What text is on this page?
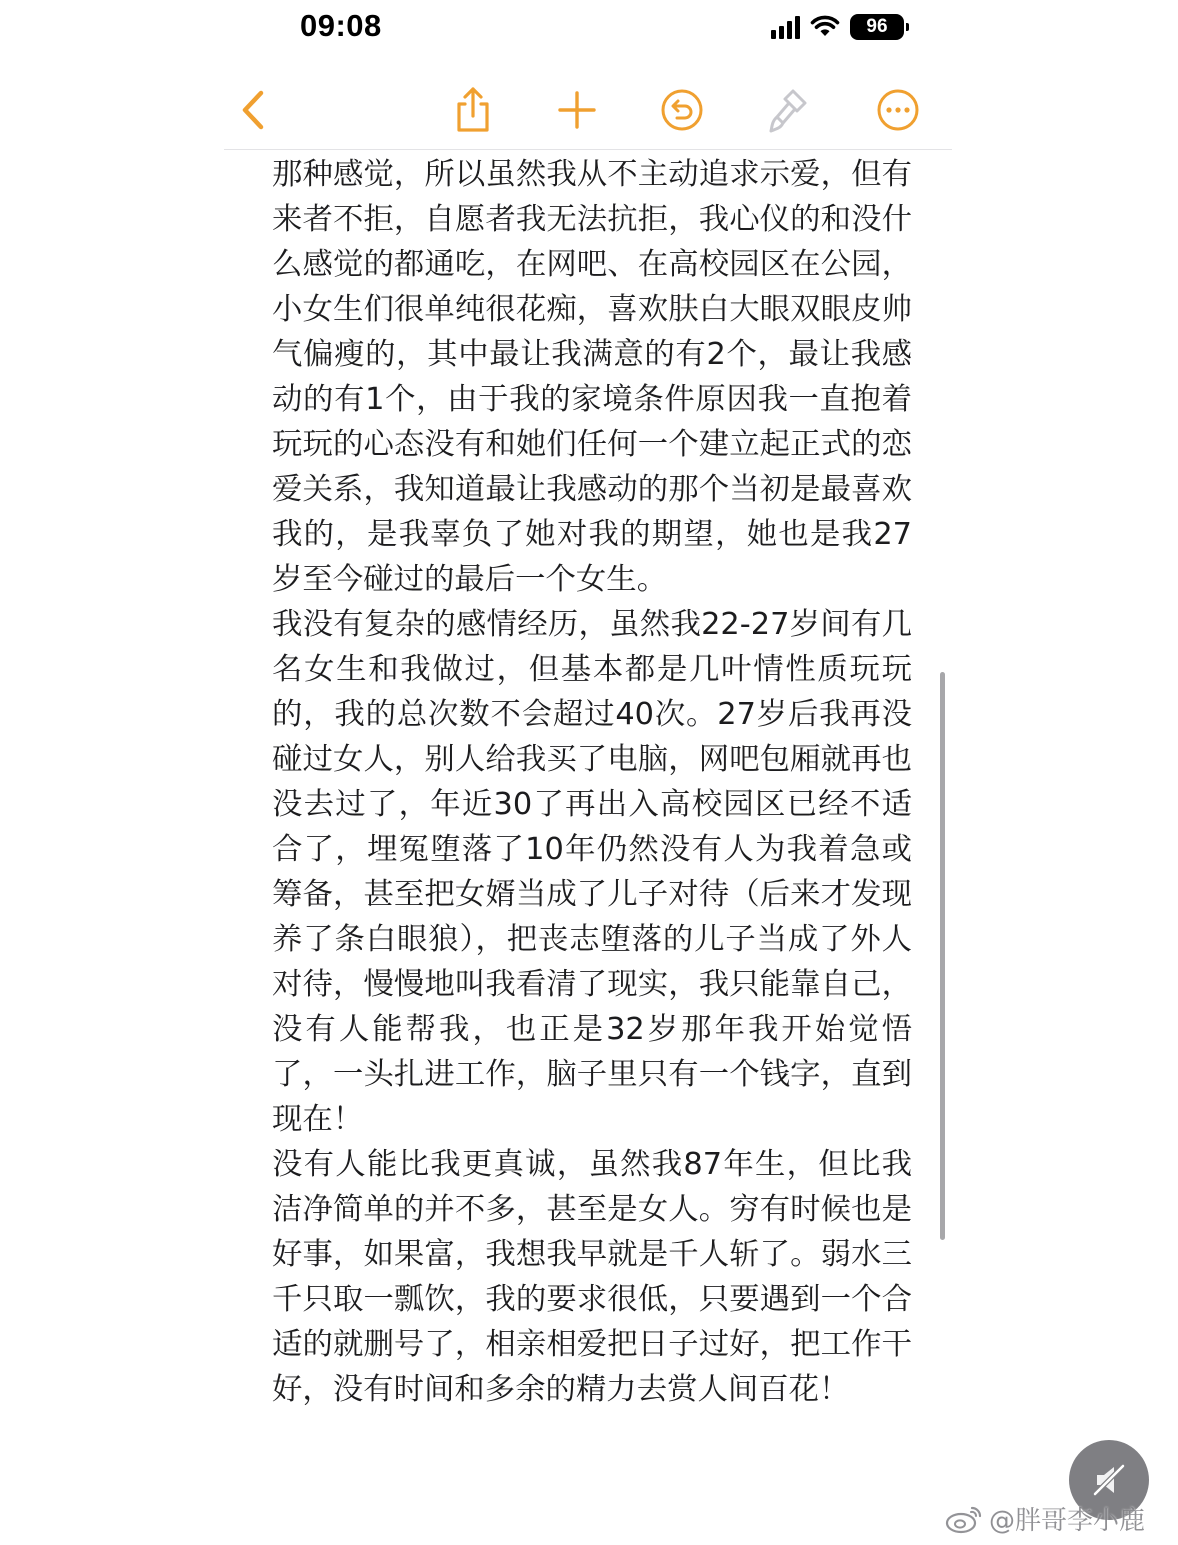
09:08	96

那种感觉，所以虽然我从不主动追求示爱，但有来者不拒，自愿者我无法抗拒，我心仪的和没什么感觉的都通吃，在网吧、在高校园区在公园，小女生们很单纯很花痴，喜欢肤白大眼双眼皮帅气偏瘦的，其中最让我满意的有2个，最让我感动的有1个，由于我的家境条件原因我一直抱着玩玩的心态没有和她们任何一个建立起正式的恋爱关系，我知道最让我感动的那个当初是最喜欢我的，是我辜负了她对我的期望，她也是我27岁至今碰过的最后一个女生。

我没有复杂的感情经历，虽然我22-27岁间有几名女生和我做过，但基本都是几叶情性质玩玩的，我的总次数不会超过40次。27岁后我再没碰过女人，别人给我买了电脑，网吧包厢就再也没去过了，年近30了再出入高校园区已经不适合了，埋冤堕落了10年仍然没有人为我着急或筹备，甚至把女婿当成了儿子对待（后来才发现养了条白眼狼），把丧志堕落的儿子当成了外人对待，慢慢地叫我看清了现实，我只能靠自己，没有人能帮我，也正是32岁那年我开始觉悟了，一头扎进工作，脑子里只有一个钱字，直到现在！

没有人能比我更真诚，虽然我87年生，但比我洁净简单的并不多，甚至是女人。穷有时候也是好事，如果富，我想我早就是千人斩了。弱水三千只取一瓢饮，我的要求很低，只要遇到一个合适的就删号了，相亲相爱把日子过好，把工作干好，没有时间和多余的精力去赏人间百花！

@胖哥李小鹿
